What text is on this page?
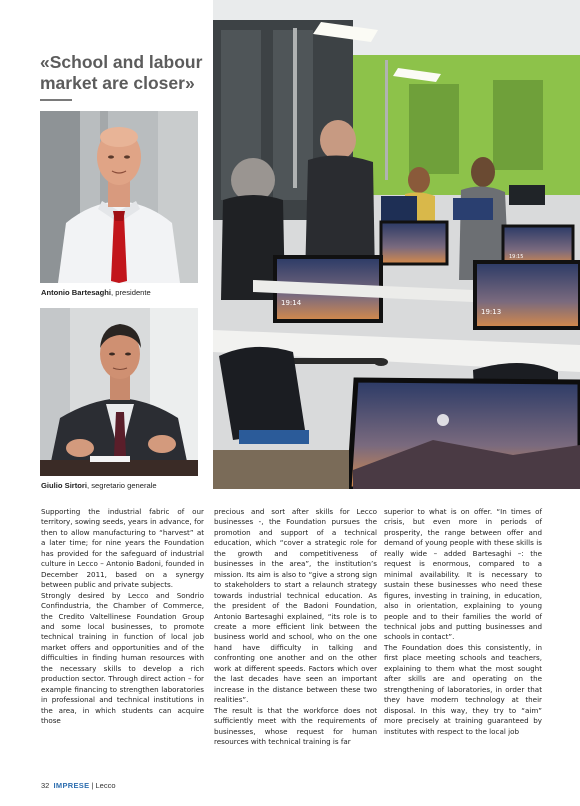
«School and labour market are closer»
Antonio Bartesaghi, presidente
Giulio Sirtori, segretario generale
19:14
19:13
19:15

Supporting the industrial fabric of our territory, sowing seeds, years in advance, for then to allow manufacturing to “harvest” at a later time; for nine years the Foundation has provided for the safeguard of industrial culture in Lecco – Antonio Badoni, founded in December 2011, based on a synergy between public and private subjects.

Strongly desired by Lecco and Sondrio Confindustria, the Chamber of Commerce, the Credito Valtellinese Foundation Group and some local businesses, to promote technical training in function of local job market offers and opportunities and of the difficulties in finding human resources with the necessary skills to develop a rich production sector. Through direct action – for example financing to strengthen laboratories in professional and technical institutions in the area, in which students can acquire those

precious and sort after skills for Lecco businesses -, the Foundation pursues the promotion and support of a technical education, which “cover a strategic role for the growth and competitiveness of businesses in the area”, the institution’s mission. Its aim is also to “give a strong sign to stakeholders to start a relaunch strategy towards industrial technical education. As the president of the Badoni Foundation, Antonio Bartesaghi explained, “its role is to create a more efficient link between the business world and school, who on the one hand have difficulty in talking and confronting one another and on the other work at different speeds. Factors which over the last decades have seen an important increase in the distance between these two realities”.

The result is that the workforce does not sufficiently meet with the requirements of businesses, whose request for human resources with technical training is far

superior to what is on offer. “In times of crisis, but even more in periods of prosperity, the range between offer and demand of young people with these skills is really wide – added Bartesaghi –: the request is enormous, compared to a minimal availability. It is necessary to sustain these businesses who need these figures, investing in training, in education, also in orientation, explaining to young people and to their families the world of technical jobs and putting businesses and schools in contact”.

The Foundation does this consistently, in first place meeting schools and teachers, explaining to them what the most sought after skills are and operating on the strengthening of laboratories, in order that they have modern technology at their disposal. In this way, they try to “aim” more precisely at training guaranteed by institutes with respect to the local job

32 IMPRESE | Lecco
